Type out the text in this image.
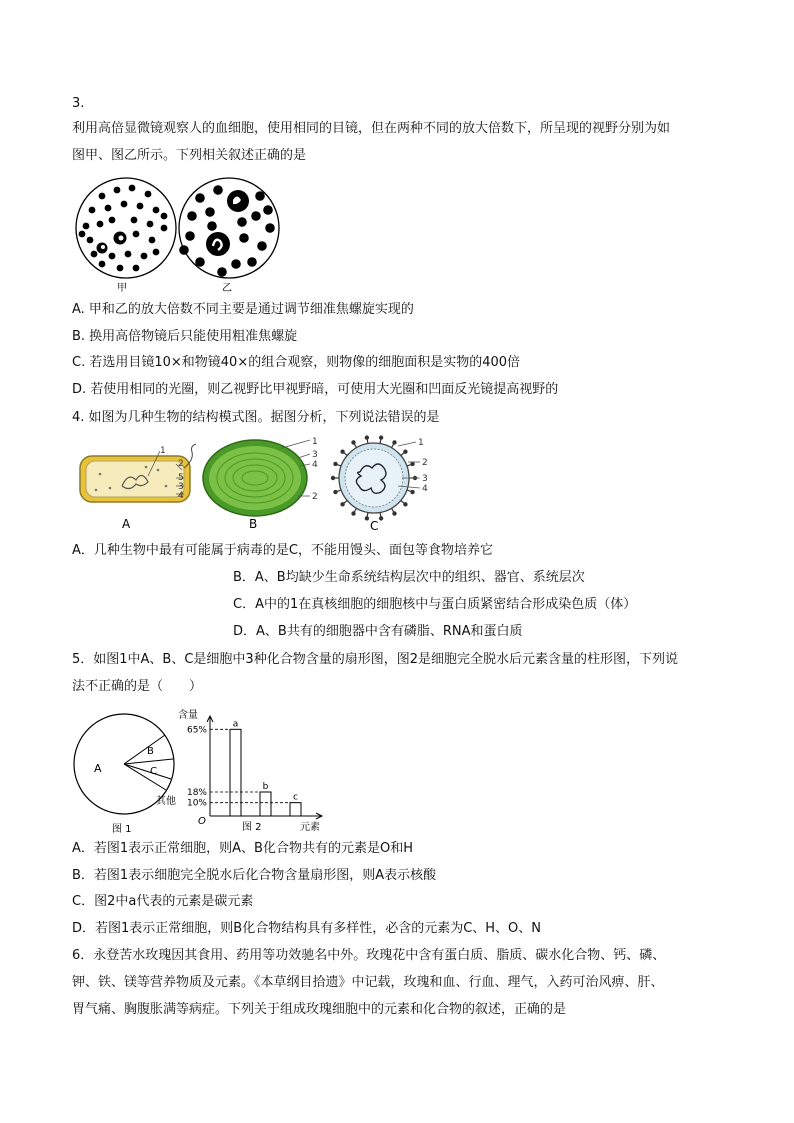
3.
利用高倍显微镜观察人的血细胞，使用相同的目镜，但在两种不同的放大倍数下，所呈现的视野分别为如
图甲、图乙所示。下列相关叙述正确的是
甲	乙
A. 甲和乙的放大倍数不同主要是通过调节细准焦螺旋实现的
B. 换用高倍物镜后只能使用粗准焦螺旋
C. 若选用目镜10×和物镜40×的组合观察，则物像的细胞面积是实物的400倍
D. 若使用相同的光圈，则乙视野比甲视野暗，可使用大光圈和凹面反光镜提高视野的
4. 如图为几种生物的结构模式图。据图分析，下列说法错误的是
1
2
5
3
4
A
1
3
4
2
B
1
2
3
4
C
A．几种生物中最有可能属于病毒的是C，不能用馒头、面包等食物培养它
B．A、B均缺少生命系统结构层次中的组织、器官、系统层次
C．A中的1在真核细胞的细胞核中与蛋白质紧密结合形成染色质（体）
D．A、B共有的细胞器中含有磷脂、RNA和蛋白质
5．如图1中A、B、C是细胞中3种化合物含量的扇形图，图2是细胞完全脱水后元素含量的柱形图，下列说
法不正确的是（　　）
A
B
C
其他
图 1
含量
O
元素
图 2
a
65%
b
18%	c
10%
A．若图1表示正常细胞，则A、B化合物共有的元素是O和H
B．若图1表示细胞完全脱水后化合物含量扇形图，则A表示核酸
C．图2中a代表的元素是碳元素
D．若图1表示正常细胞，则B化合物结构具有多样性，必含的元素为C、H、O、N
6．永登苦水玫瑰因其食用、药用等功效驰名中外。玫瑰花中含有蛋白质、脂质、碳水化合物、钙、磷、
钾、铁、镁等营养物质及元素。《本草纲目拾遗》中记载，玫瑰和血、行血、理气，入药可治风痹、肝、
胃气痛、胸腹胀满等病症。下列关于组成玫瑰细胞中的元素和化合物的叙述，正确的是
